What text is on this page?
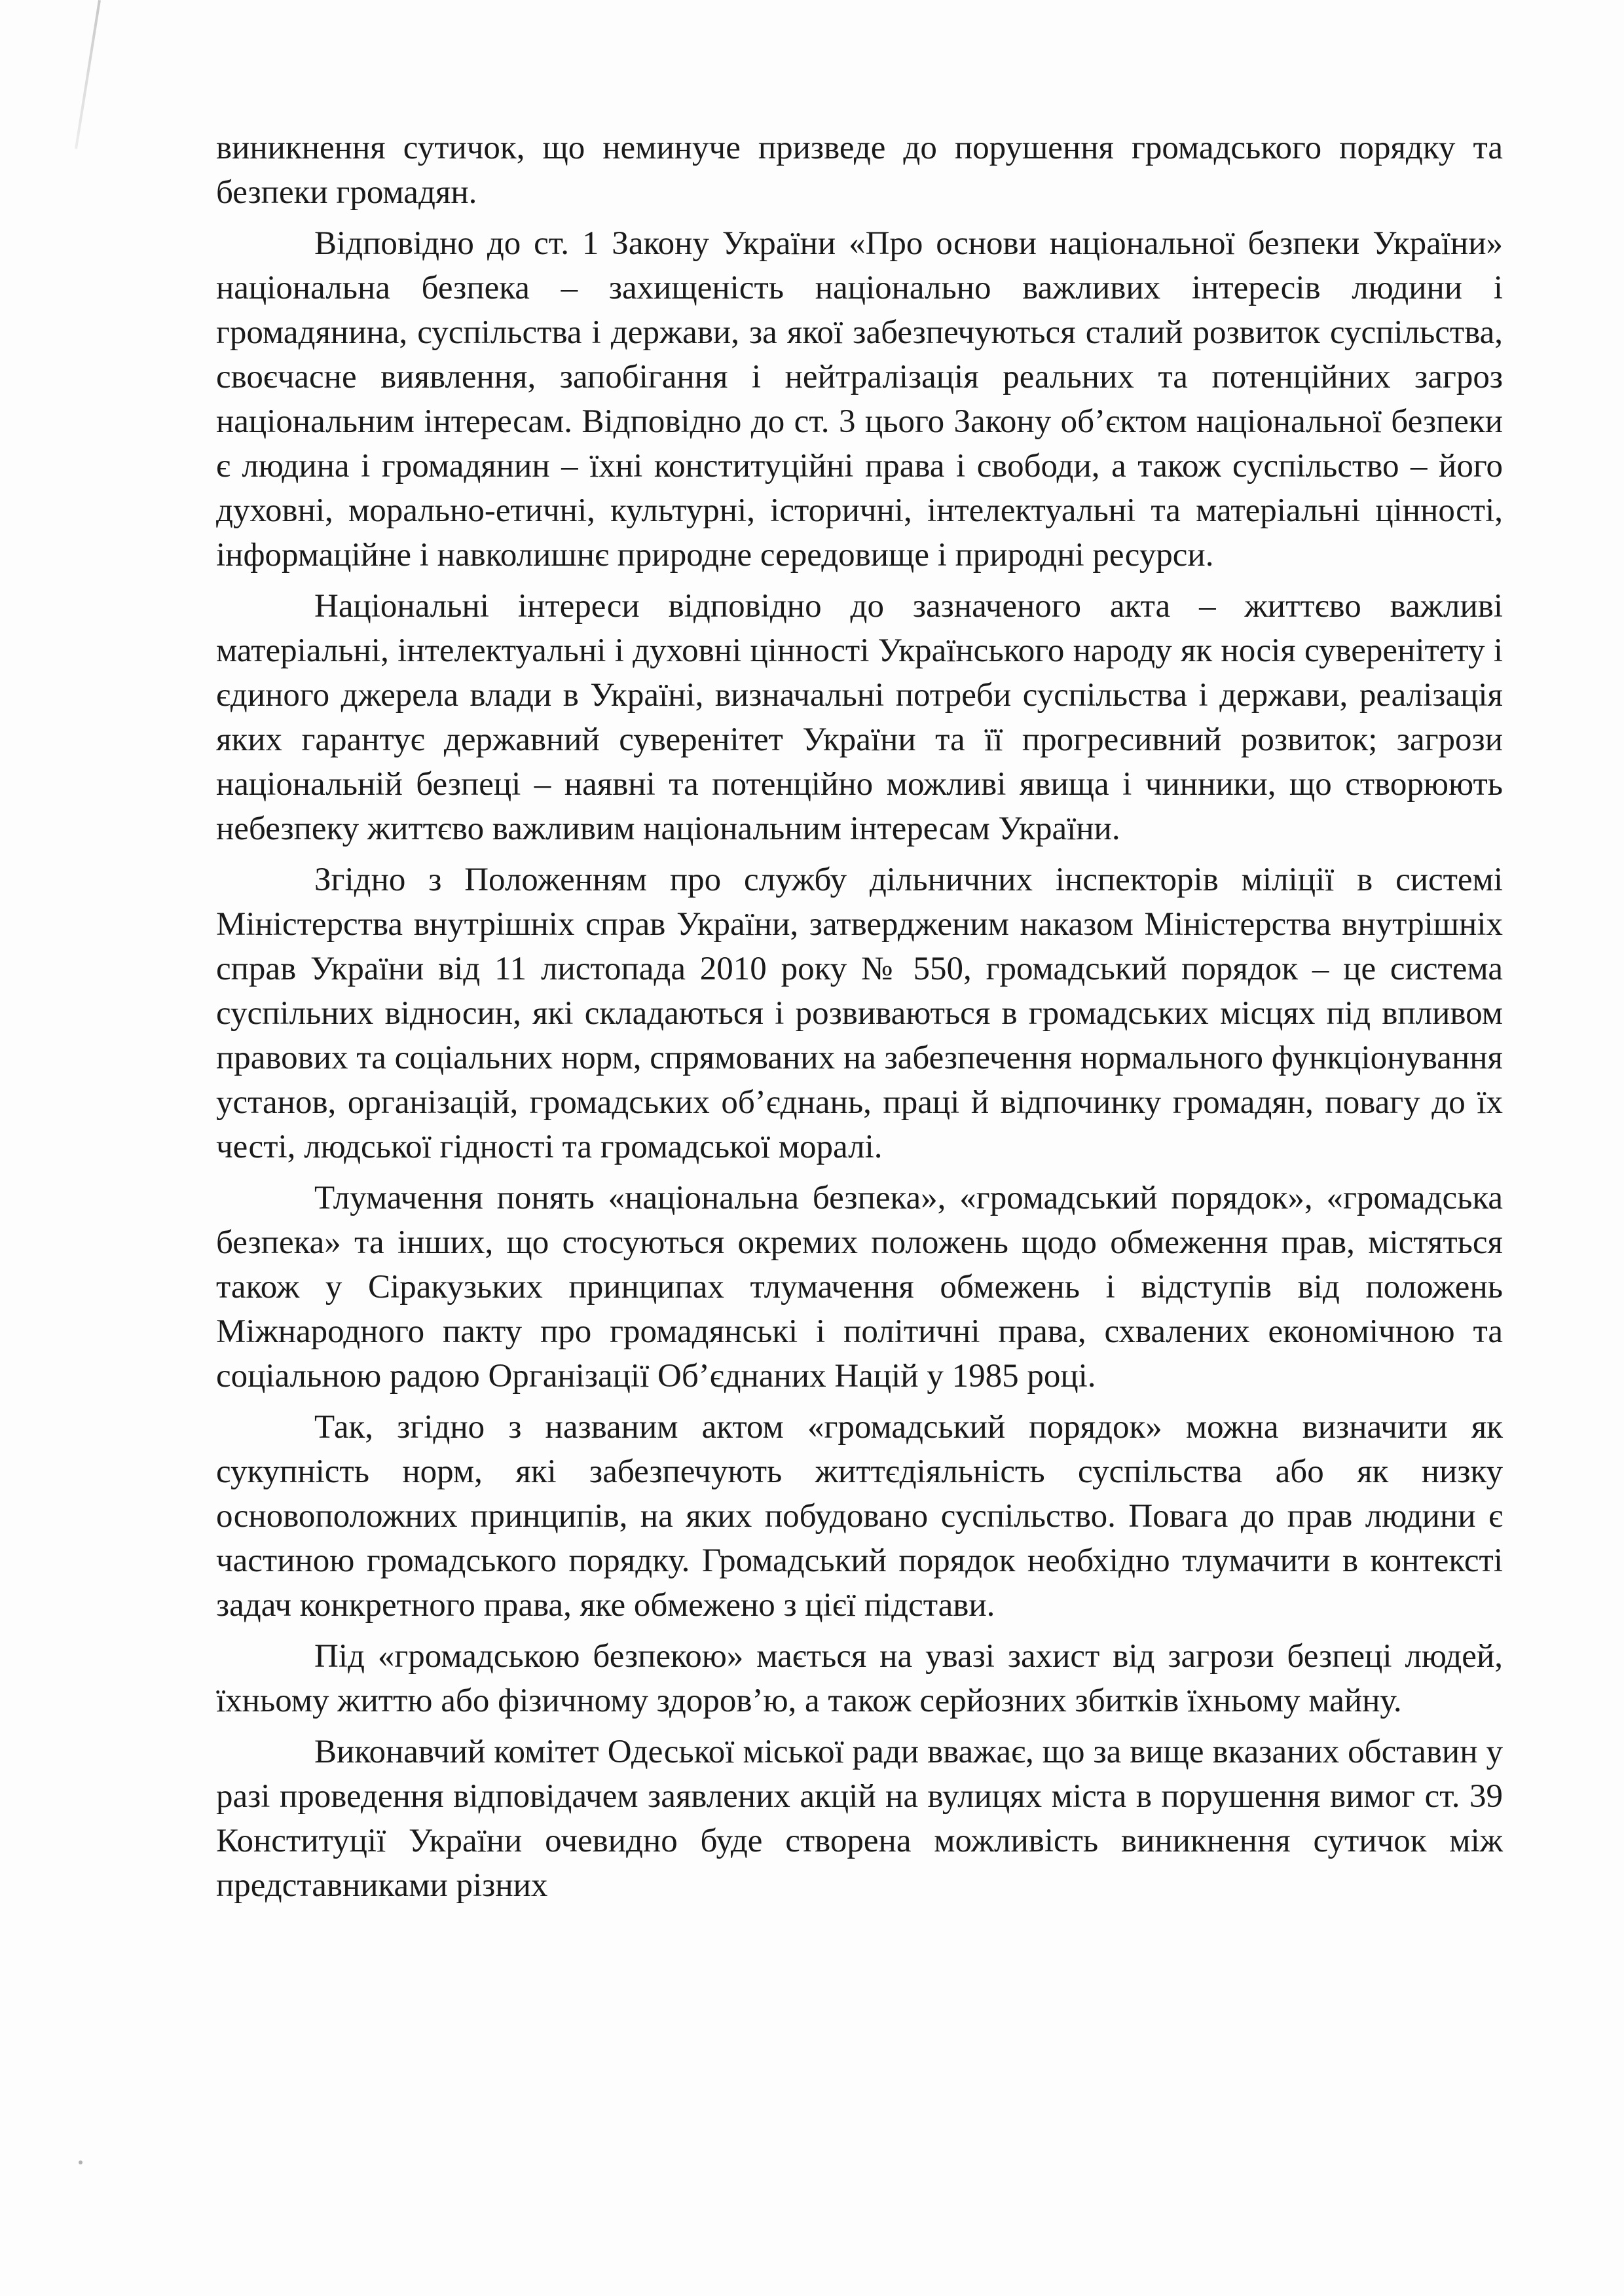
виникнення сутичок, що неминуче призведе до порушення громадського порядку та безпеки громадян.

Відповідно до ст. 1 Закону України «Про основи національної безпеки України» національна безпека – захищеність національно важливих інтересів людини і громадянина, суспільства і держави, за якої забезпечуються сталий розвиток суспільства, своєчасне виявлення, запобігання і нейтралізація реальних та потенційних загроз національним інтересам. Відповідно до ст. 3 цього Закону об’єктом національної безпеки є людина і громадянин – їхні конституційні права і свободи, а також суспільство – його духовні, морально-етичні, культурні, історичні, інтелектуальні та матеріальні цінності, інформаційне і навколишнє природне середовище і природні ресурси.

Національні інтереси відповідно до зазначеного акта – життєво важливі матеріальні, інтелектуальні і духовні цінності Українського народу як носія суверенітету і єдиного джерела влади в Україні, визначальні потреби суспільства і держави, реалізація яких гарантує державний суверенітет України та її прогресивний розвиток; загрози національній безпеці – наявні та потенційно можливі явища і чинники, що створюють небезпеку життєво важливим національним інтересам України.

Згідно з Положенням про службу дільничних інспекторів міліції в системі Міністерства внутрішніх справ України, затвердженим наказом Міністерства внутрішніх справ України від 11 листопада 2010 року № 550, громадський порядок – це система суспільних відносин, які складаються і розвиваються в громадських місцях під впливом правових та соціальних норм, спрямованих на забезпечення нормального функціонування установ, організацій, громадських об’єднань, праці й відпочинку громадян, повагу до їх честі, людської гідності та громадської моралі.

Тлумачення понять «національна безпека», «громадський порядок», «громадська безпека» та інших, що стосуються окремих положень щодо обмеження прав, містяться також у Сіракузьких принципах тлумачення обмежень і відступів від положень Міжнародного пакту про громадянські і політичні права, схвалених економічною та соціальною радою Організації Об’єднаних Націй у 1985 році.

Так, згідно з названим актом «громадський порядок» можна визначити як сукупність норм, які забезпечують життєдіяльність суспільства або як низку основоположних принципів, на яких побудовано суспільство. Повага до прав людини є частиною громадського порядку. Громадський порядок необхідно тлумачити в контексті задач конкретного права, яке обмежено з цієї підстави.

Під «громадською безпекою» мається на увазі захист від загрози безпеці людей, їхньому життю або фізичному здоров’ю, а також серйозних збитків їхньому майну.

Виконавчий комітет Одеської міської ради вважає, що за вище вказаних обставин у разі проведення відповідачем заявлених акцій на вулицях міста в порушення вимог ст. 39 Конституції України очевидно буде створена можливість виникнення сутичок між представниками різних
